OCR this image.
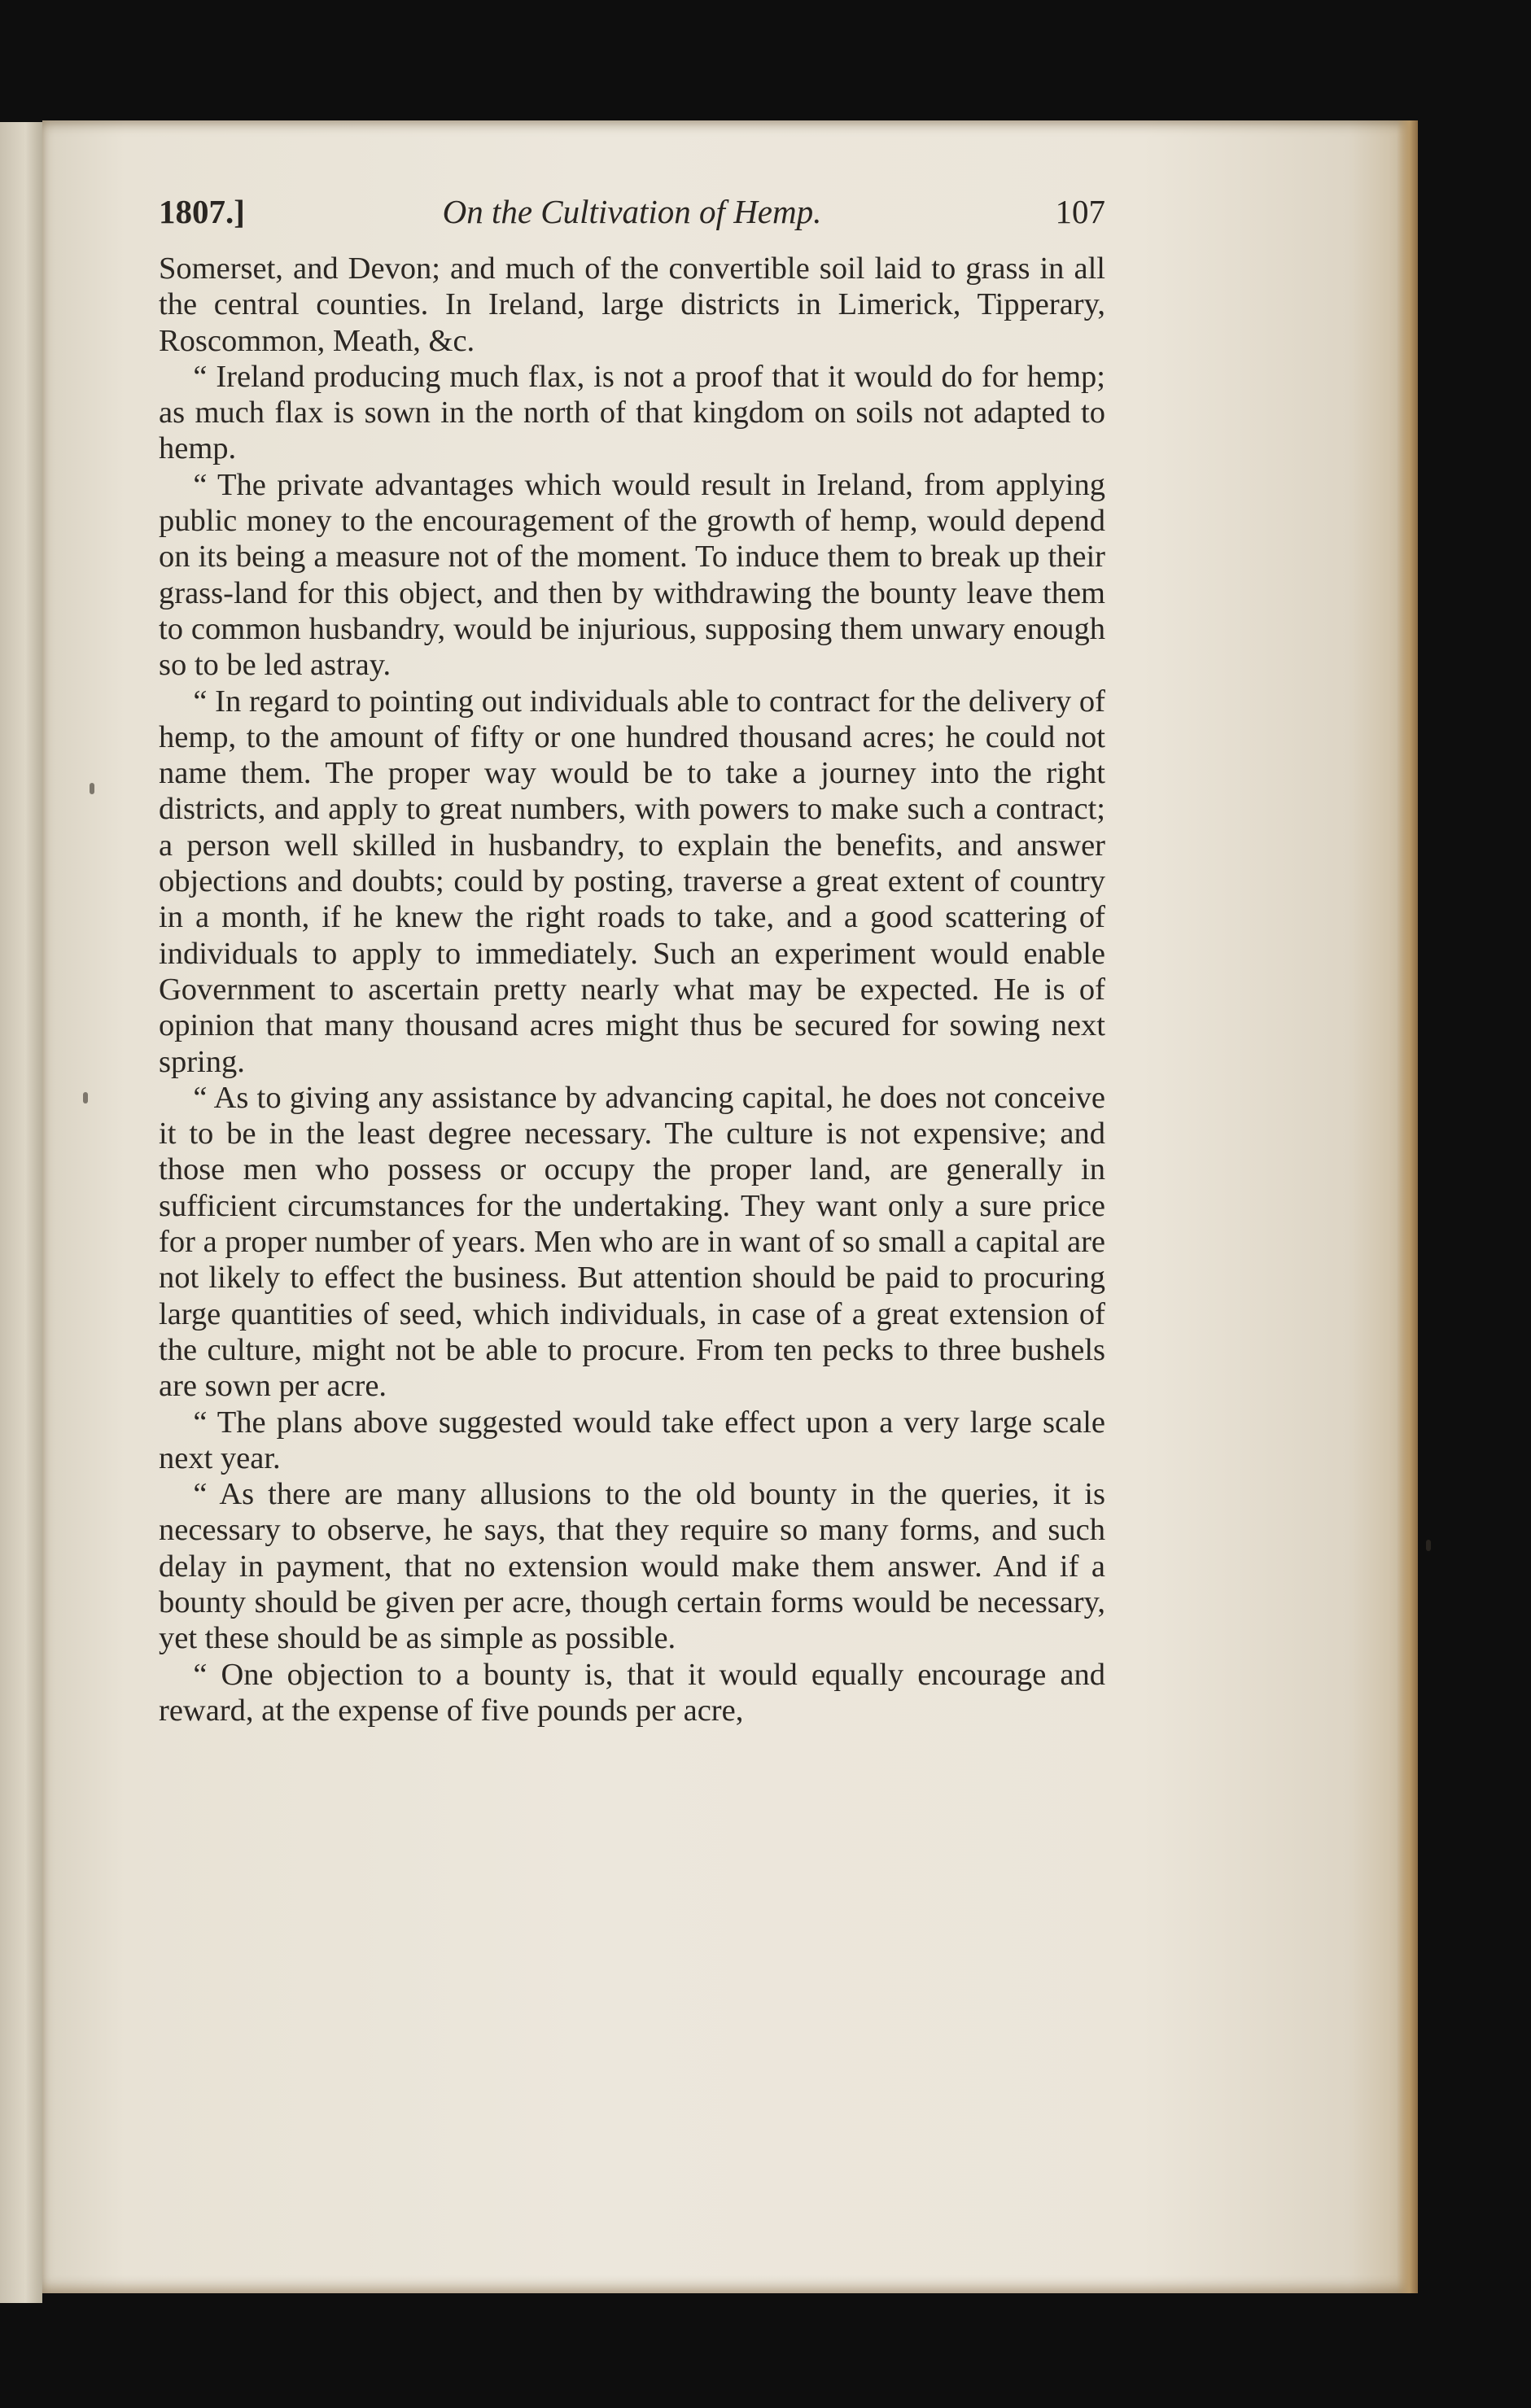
1807.]	On the Cultivation of Hemp.	107

Somerset, and Devon; and much of the convertible soil laid to grass in all the central counties. In Ireland, large districts in Limerick, Tipperary, Roscommon, Meath, &c.

“ Ireland producing much flax, is not a proof that it would do for hemp; as much flax is sown in the north of that kingdom on soils not adapted to hemp.

“ The private advantages which would result in Ireland, from applying public money to the encouragement of the growth of hemp, would depend on its being a measure not of the moment. To induce them to break up their grass-land for this object, and then by withdrawing the bounty leave them to common husbandry, would be injurious, supposing them unwary enough so to be led astray.

“ In regard to pointing out individuals able to contract for the delivery of hemp, to the amount of fifty or one hundred thousand acres; he could not name them. The proper way would be to take a journey into the right districts, and apply to great numbers, with powers to make such a contract; a person well skilled in husbandry, to explain the benefits, and answer objections and doubts; could by posting, traverse a great extent of country in a month, if he knew the right roads to take, and a good scattering of individuals to apply to immediately. Such an experiment would enable Government to ascertain pretty nearly what may be expected. He is of opinion that many thousand acres might thus be secured for sowing next spring.

“ As to giving any assistance by advancing capital, he does not conceive it to be in the least degree necessary. The culture is not expensive; and those men who possess or occupy the proper land, are generally in sufficient circumstances for the undertaking. They want only a sure price for a proper number of years. Men who are in want of so small a capital are not likely to effect the business. But attention should be paid to procuring large quantities of seed, which individuals, in case of a great extension of the culture, might not be able to procure. From ten pecks to three bushels are sown per acre.

“ The plans above suggested would take effect upon a very large scale next year.

“ As there are many allusions to the old bounty in the queries, it is necessary to observe, he says, that they require so many forms, and such delay in payment, that no extension would make them answer. And if a bounty should be given per acre, though certain forms would be necessary, yet these should be as simple as possible.

“ One objection to a bounty is, that it would equally encourage and reward, at the expense of five pounds per acre,
